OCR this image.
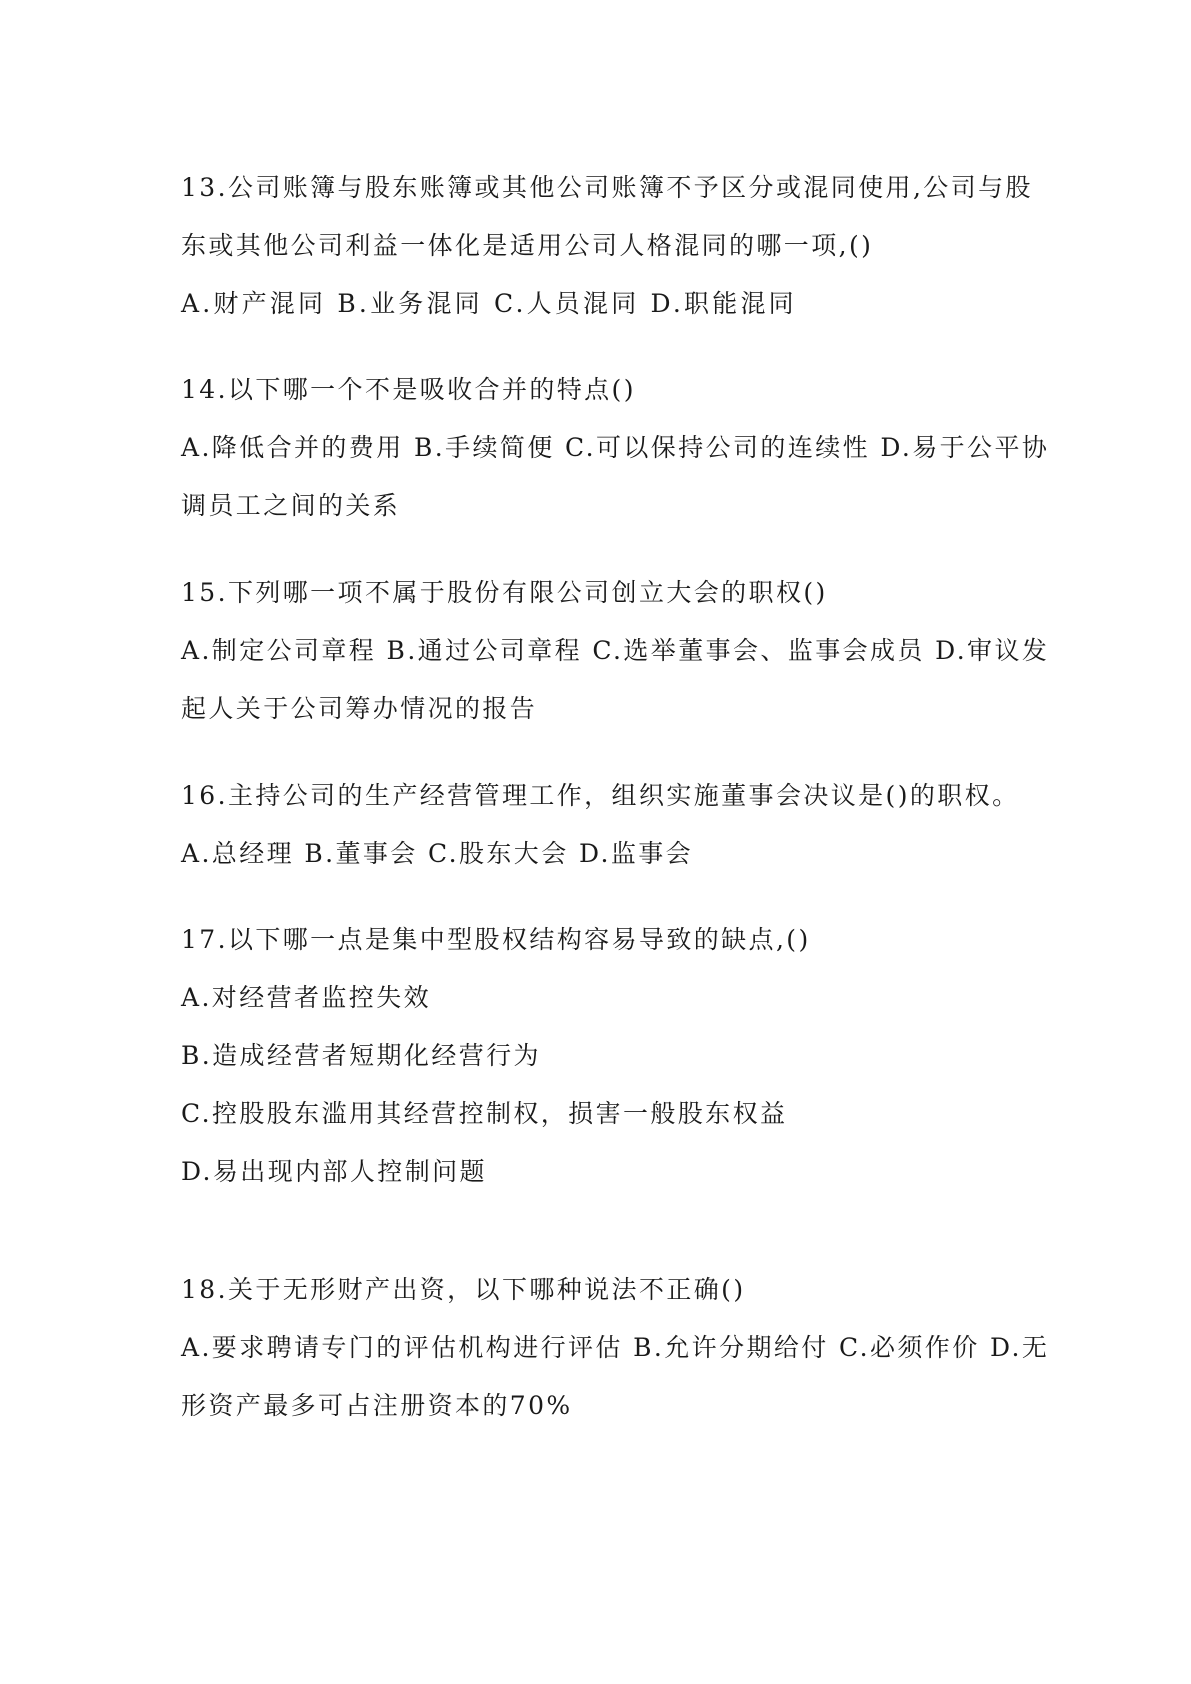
13.公司账簿与股东账簿或其他公司账簿不予区分或混同使用,公司与股
东或其他公司利益一体化是适用公司人格混同的哪一项,()
A.财产混同 B.业务混同 C.人员混同 D.职能混同
14.以下哪一个不是吸收合并的特点()
A.降低合并的费用 B.手续简便 C.可以保持公司的连续性 D.易于公平协
调员工之间的关系
15.下列哪一项不属于股份有限公司创立大会的职权()
A.制定公司章程 B.通过公司章程 C.选举董事会、监事会成员 D.审议发
起人关于公司筹办情况的报告
16.主持公司的生产经营管理工作，组织实施董事会决议是()的职权。
A.总经理 B.董事会 C.股东大会 D.监事会
17.以下哪一点是集中型股权结构容易导致的缺点,()
A.对经营者监控失效
B.造成经营者短期化经营行为
C.控股股东滥用其经营控制权，损害一般股东权益
D.易出现内部人控制问题
18.关于无形财产出资，以下哪种说法不正确()
A.要求聘请专门的评估机构进行评估 B.允许分期给付 C.必须作价 D.无
形资产最多可占注册资本的70%
